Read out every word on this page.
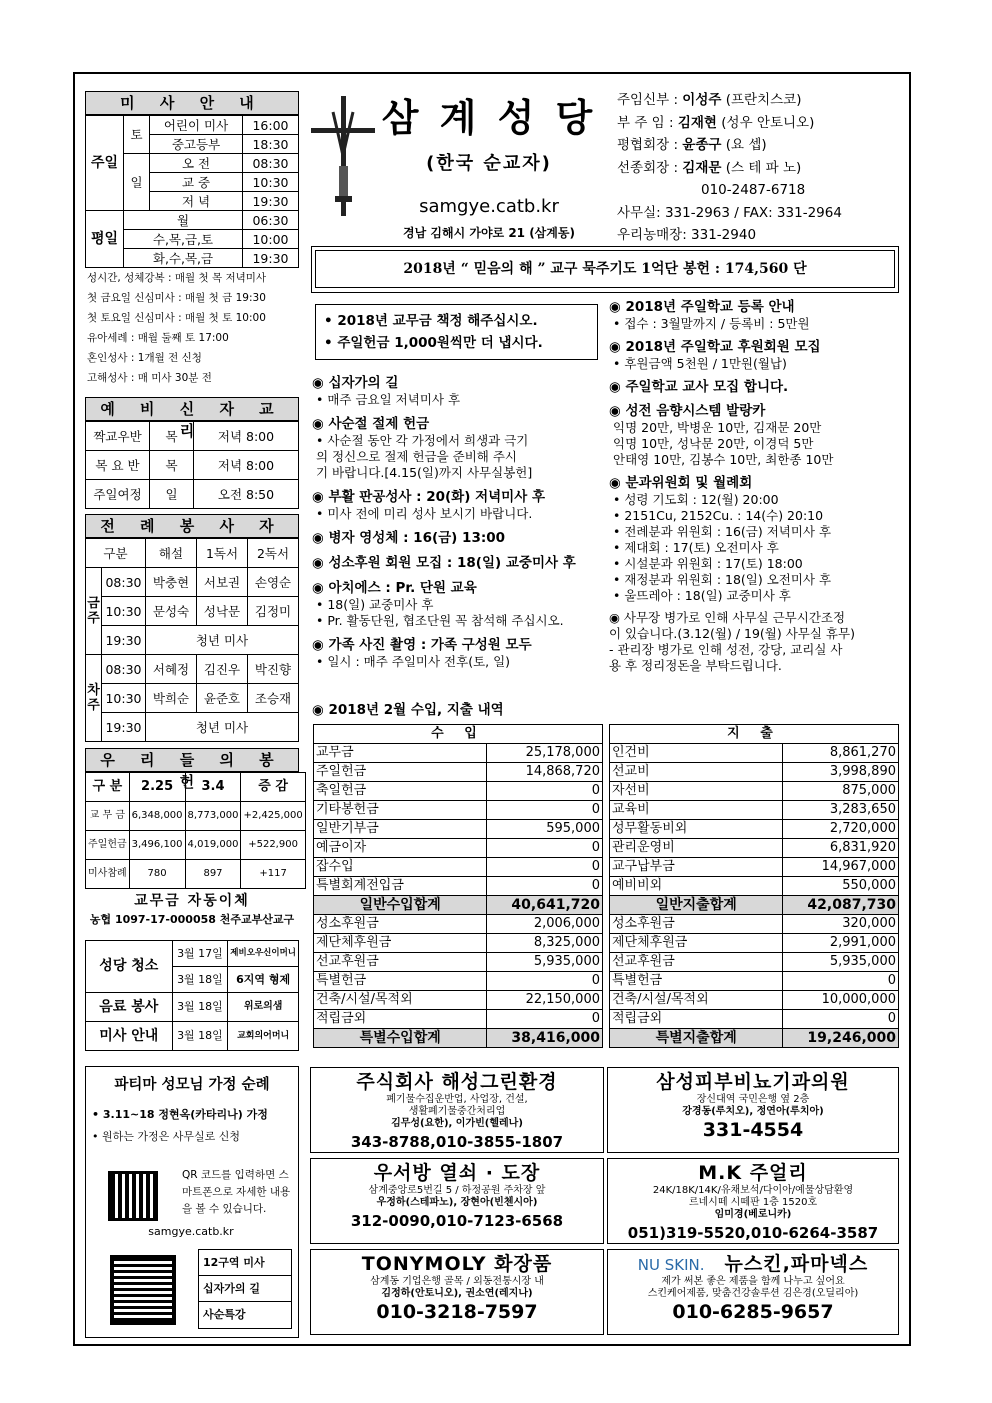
미 사 안 내
주일	토	어린이 미사	16:00
		중고등부	18:30
	일	오 전	08:30
		교 중	10:30
		저 녁	19:30
평일	월		06:30
	수,목,금,토		10:00
	화,수,목,금		19:30
성시간, 성체강복 : 매월 첫 목 저녁미사
첫 금요일 신심미사 : 매월 첫 금 19:30
첫 토요일 신심미사 : 매월 첫 토 10:00
유아세례 : 매월 둘째 토 17:00
혼인성사 : 1개월 전 신청
고해성사 : 매 미사 30분 전
예 비 신 자 교 리
짝교우반	목	저녁 8:00
목 요 반	목	저녁 8:00
주일여정	일	오전 8:50
전 례 봉 사 자
구분		해설	1독서	2독서
금주	08:30	박충현	서보권	손영순
	10:30	문성숙	성낙문	김정미
	19:30	청년 미사		
차주	08:30	서혜정	김진우	박진향
	10:30	박희순	윤준호	조승재
	19:30	청년 미사		
우 리 들 의 봉 헌
구 분	2.25	3.4	증 감
교 무 금	6,348,000	8,773,000	+2,425,000
주일헌금	3,496,100	4,019,000	+522,900
미사참례	780	897	+117
교무금 자동이체
농협 1097-17-000058 천주교부산교구
성당 청소	3월 17일	제비오우신이머니
	3월 18일	6지역 형제
음료 봉사	3월 18일	위로의샘
미사 안내	3월 18일	교회의어머니
파티마 성모님 가정 순례
• 3.11~18 정현옥(카타리나) 가정
• 원하는 가정은 사무실로 신청
QR 코드를 입력하면 스마트폰으로 자세한 내용을 볼 수 있습니다.
samgye.catb.kr
12구역 미사
십자가의 길
사순특강
삼 계 성 당
(한국 순교자)
samgye.catb.kr
경남 김해시 가야로 21 (삼계동)
주임신부 : 이성주 (프란치스코)
부 주 임 : 김재현 (성우 안토니오)
평협회장 : 윤종구 (요 셉)
선종회장 : 김재문 (스 테 파 노)
010-2487-6718
사무실: 331-2963 / FAX: 331-2964
우리농매장: 331-2940
2018년 “ 믿음의 해 ” 교구 묵주기도 1억단 봉헌 : 174,560 단
• 2018년 교무금 책정 해주십시오.
• 주일헌금 1,000원씩만 더 냅시다.
◉ 십자가의 길
• 매주 금요일 저녁미사 후
◉ 사순절 절제 헌금
• 사순절 동안 각 가정에서 희생과 극기
의 정신으로 절제 헌금을 준비해 주시
기 바랍니다.[4.15(일)까지 사무실봉헌]
◉ 부활 판공성사 : 20(화) 저녁미사 후
• 미사 전에 미리 성사 보시기 바랍니다.
◉ 병자 영성체 : 16(금) 13:00
◉ 성소후원 회원 모집 : 18(일) 교중미사 후
◉ 아치에스 : Pr. 단원 교육
• 18(일) 교중미사 후
• Pr. 활동단원, 협조단원 꼭 참석해 주십시오.
◉ 가족 사진 촬영 : 가족 구성원 모두
• 일시 : 매주 주일미사 전후(토, 일)
◉ 2018년 주일학교 등록 안내
• 접수 : 3월말까지 / 등록비 : 5만원
◉ 2018년 주일학교 후원회원 모집
• 후원금액 5천원 / 1만원(월납)
◉ 주일학교 교사 모집 합니다.
◉ 성전 음향시스템 발랑카
익명 20만, 박병운 10만, 김재문 20만
익명 10만, 성낙문 20만, 이경덕 5만
안태영 10만, 김봉수 10만, 최한종 10만
◉ 분과위원회 및 월례회
• 성령 기도회 : 12(월) 20:00
• 2151Cu, 2152Cu. : 14(수) 20:10
• 전례분과 위원회 : 16(금) 저녁미사 후
• 제대회 : 17(토) 오전미사 후
• 시설분과 위원회 : 17(토) 18:00
• 재정분과 위원회 : 18(일) 오전미사 후
• 울뜨레아 : 18(일) 교중미사 후
◉ 사무장 병가로 인해 사무실 근무시간조정
이 있습니다.(3.12(월) / 19(월) 사무실 휴무)
- 관리장 병가로 인해 성전, 강당, 교리실 사
용 후 정리정돈을 부탁드립니다.
◉ 2018년 2월 수입, 지출 내역
수 입	
교무금	25,178,000
주일헌금	14,868,720
축일헌금	0
기타봉헌금	0
일반기부금	595,000
예금이자	0
잡수입	0
특별회계전입금	0
일반수입합계	40,641,720
성소후원금	2,006,000
제단체후원금	8,325,000
선교후원금	5,935,000
특별헌금	0
건축/시설/목적외	22,150,000
적립금외	0
특별수입합계	38,416,000
지 출	
인건비	8,861,270
선교비	3,998,890
자선비	875,000
교육비	3,283,650
성무활동비외	2,720,000
관리운영비	6,831,920
교구납부금	14,967,000
예비비외	550,000
일반지출합계	42,087,730
성소후원금	320,000
제단체후원금	2,991,000
선교후원금	5,935,000
특별헌금	0
건축/시설/목적외	10,000,000
적립금외	0
특별지출합계	19,246,000
주식회사 해성그린환경
폐기물수집운반업, 사업장, 건설,
생활폐기물중간처리업
김무성(요한), 이가빈(헬레나)
343-8788,010-3855-1807
삼성피부비뇨기과의원
장신대역 국민은행 옆 2층
강경동(루치오), 정연아(루치아)
331-4554
우서방 열쇠 · 도장
삼계중앙로5번길 5 / 하정공원 주차장 앞
우정하(스테파노), 장현아(빈첸시아)
312-0090,010-7123-6568
M.K 주얼리
24K/18K/14K/유채보석/다이아/예물상담환영
르네시떼 시떼판 1층 1520호
임미경(베로니카)
051)319-5520,010-6264-3587
TONYMOLY 화장품
삼계동 기업은행 골목 / 외동전통시장 내
김정하(안토니오), 권소연(레지나)
010-3218-7597
NU SKIN. 뉴스킨,파마넥스
제가 써본 좋은 제품을 함께 나누고 싶어요
스킨케어제품, 맞춤건강솔루션 김은경(오딜리아)
010-6285-9657
